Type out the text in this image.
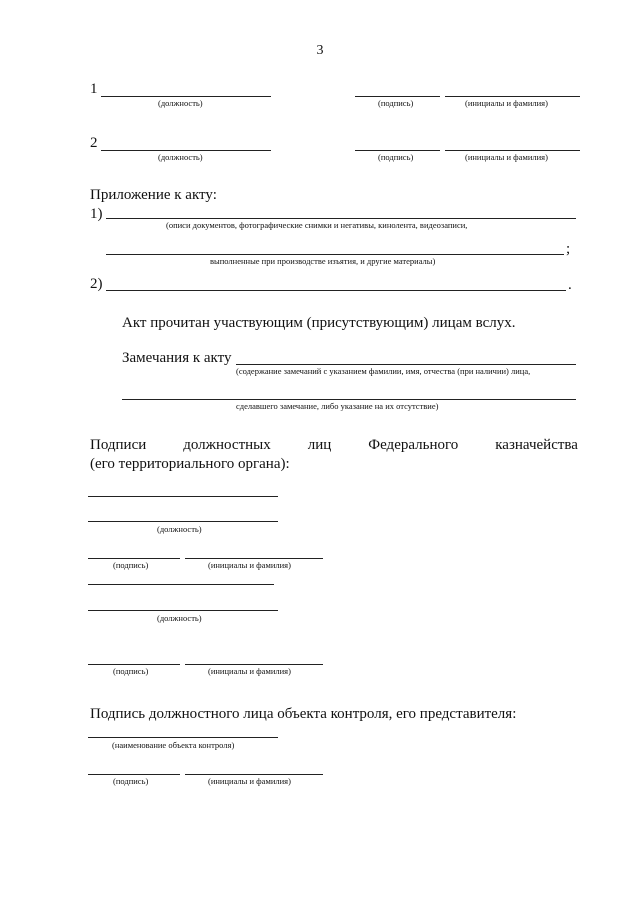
3
1
(должность)	(подпись)	(инициалы и фамилия)
2
(должность)	(подпись)	(инициалы и фамилия)
Приложение к акту:
1)
(описи документов, фотографические снимки и негативы, кинолента, видеозаписи,
;
выполненные при производстве изъятия, и другие материалы)
2)	.
Акт прочитан участвующим (присутствующим) лицам вслух.
Замечания к акту
(содержание замечаний с указанием фамилии, имя, отчества (при наличии) лица,
сделавшего замечание, либо указание на их отсутствие)
Подписи должностных лиц Федерального казначейства
(его территориального органа):
(должность)
(подпись)	(инициалы и фамилия)
(должность)
(подпись)	(инициалы и фамилия)
Подпись должностного лица объекта контроля, его представителя:
(наименование объекта контроля)
(подпись)	(инициалы и фамилия)
